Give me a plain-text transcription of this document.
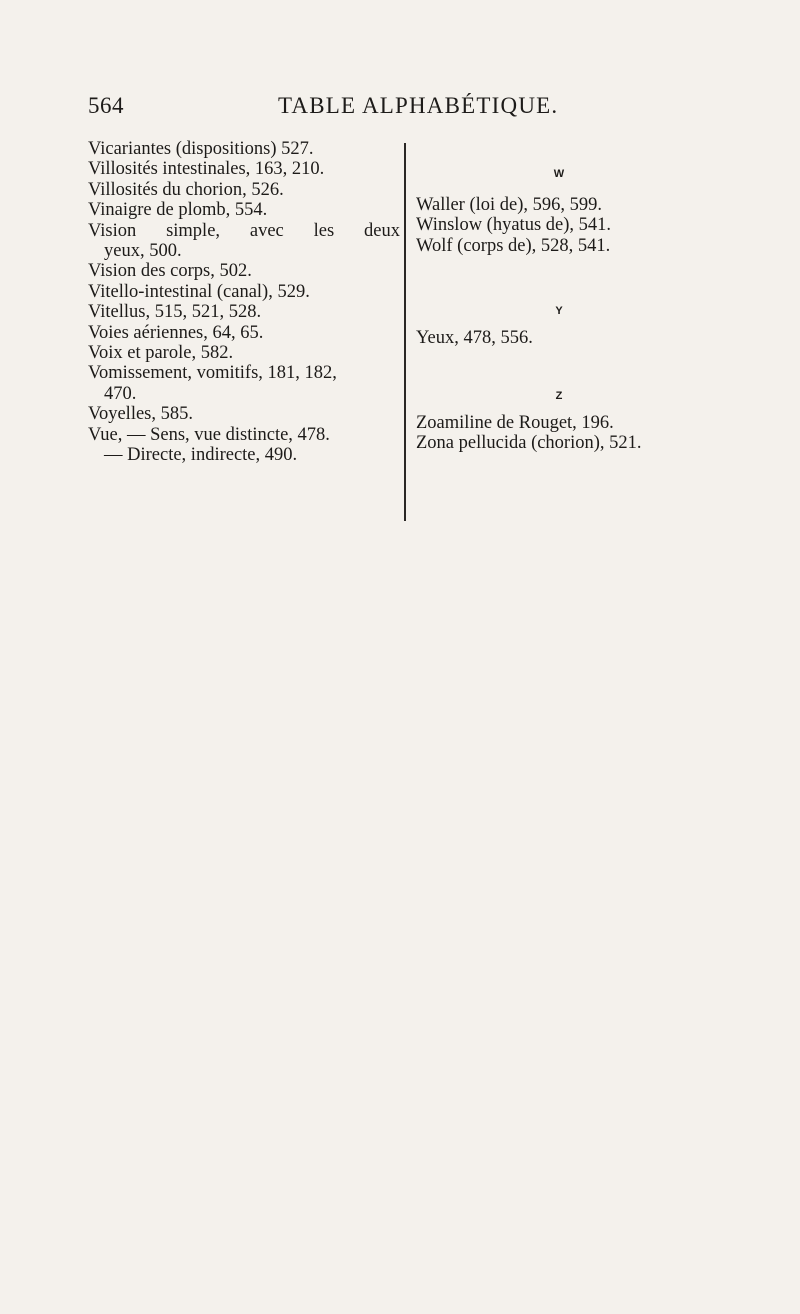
564	TABLE ALPHABÉTIQUE.
Vicariantes (dispositions) 527.
Villosités intestinales, 163, 210.
Villosités du chorion, 526.
Vinaigre de plomb, 554.
Vision simple, avec les deux
yeux, 500.
Vision des corps, 502.
Vitello-intestinal (canal), 529.
Vitellus, 515, 521, 528.
Voies aériennes, 64, 65.
Voix et parole, 582.
Vomissement, vomitifs, 181, 182,
470.
Voyelles, 585.
Vue, — Sens, vue distincte, 478.
— Directe, indirecte, 490.
W
Waller (loi de), 596, 599.
Winslow (hyatus de), 541.
Wolf (corps de), 528, 541.
Y
Yeux, 478, 556.
Z
Zoamiline de Rouget, 196.
Zona pellucida (chorion), 521.
